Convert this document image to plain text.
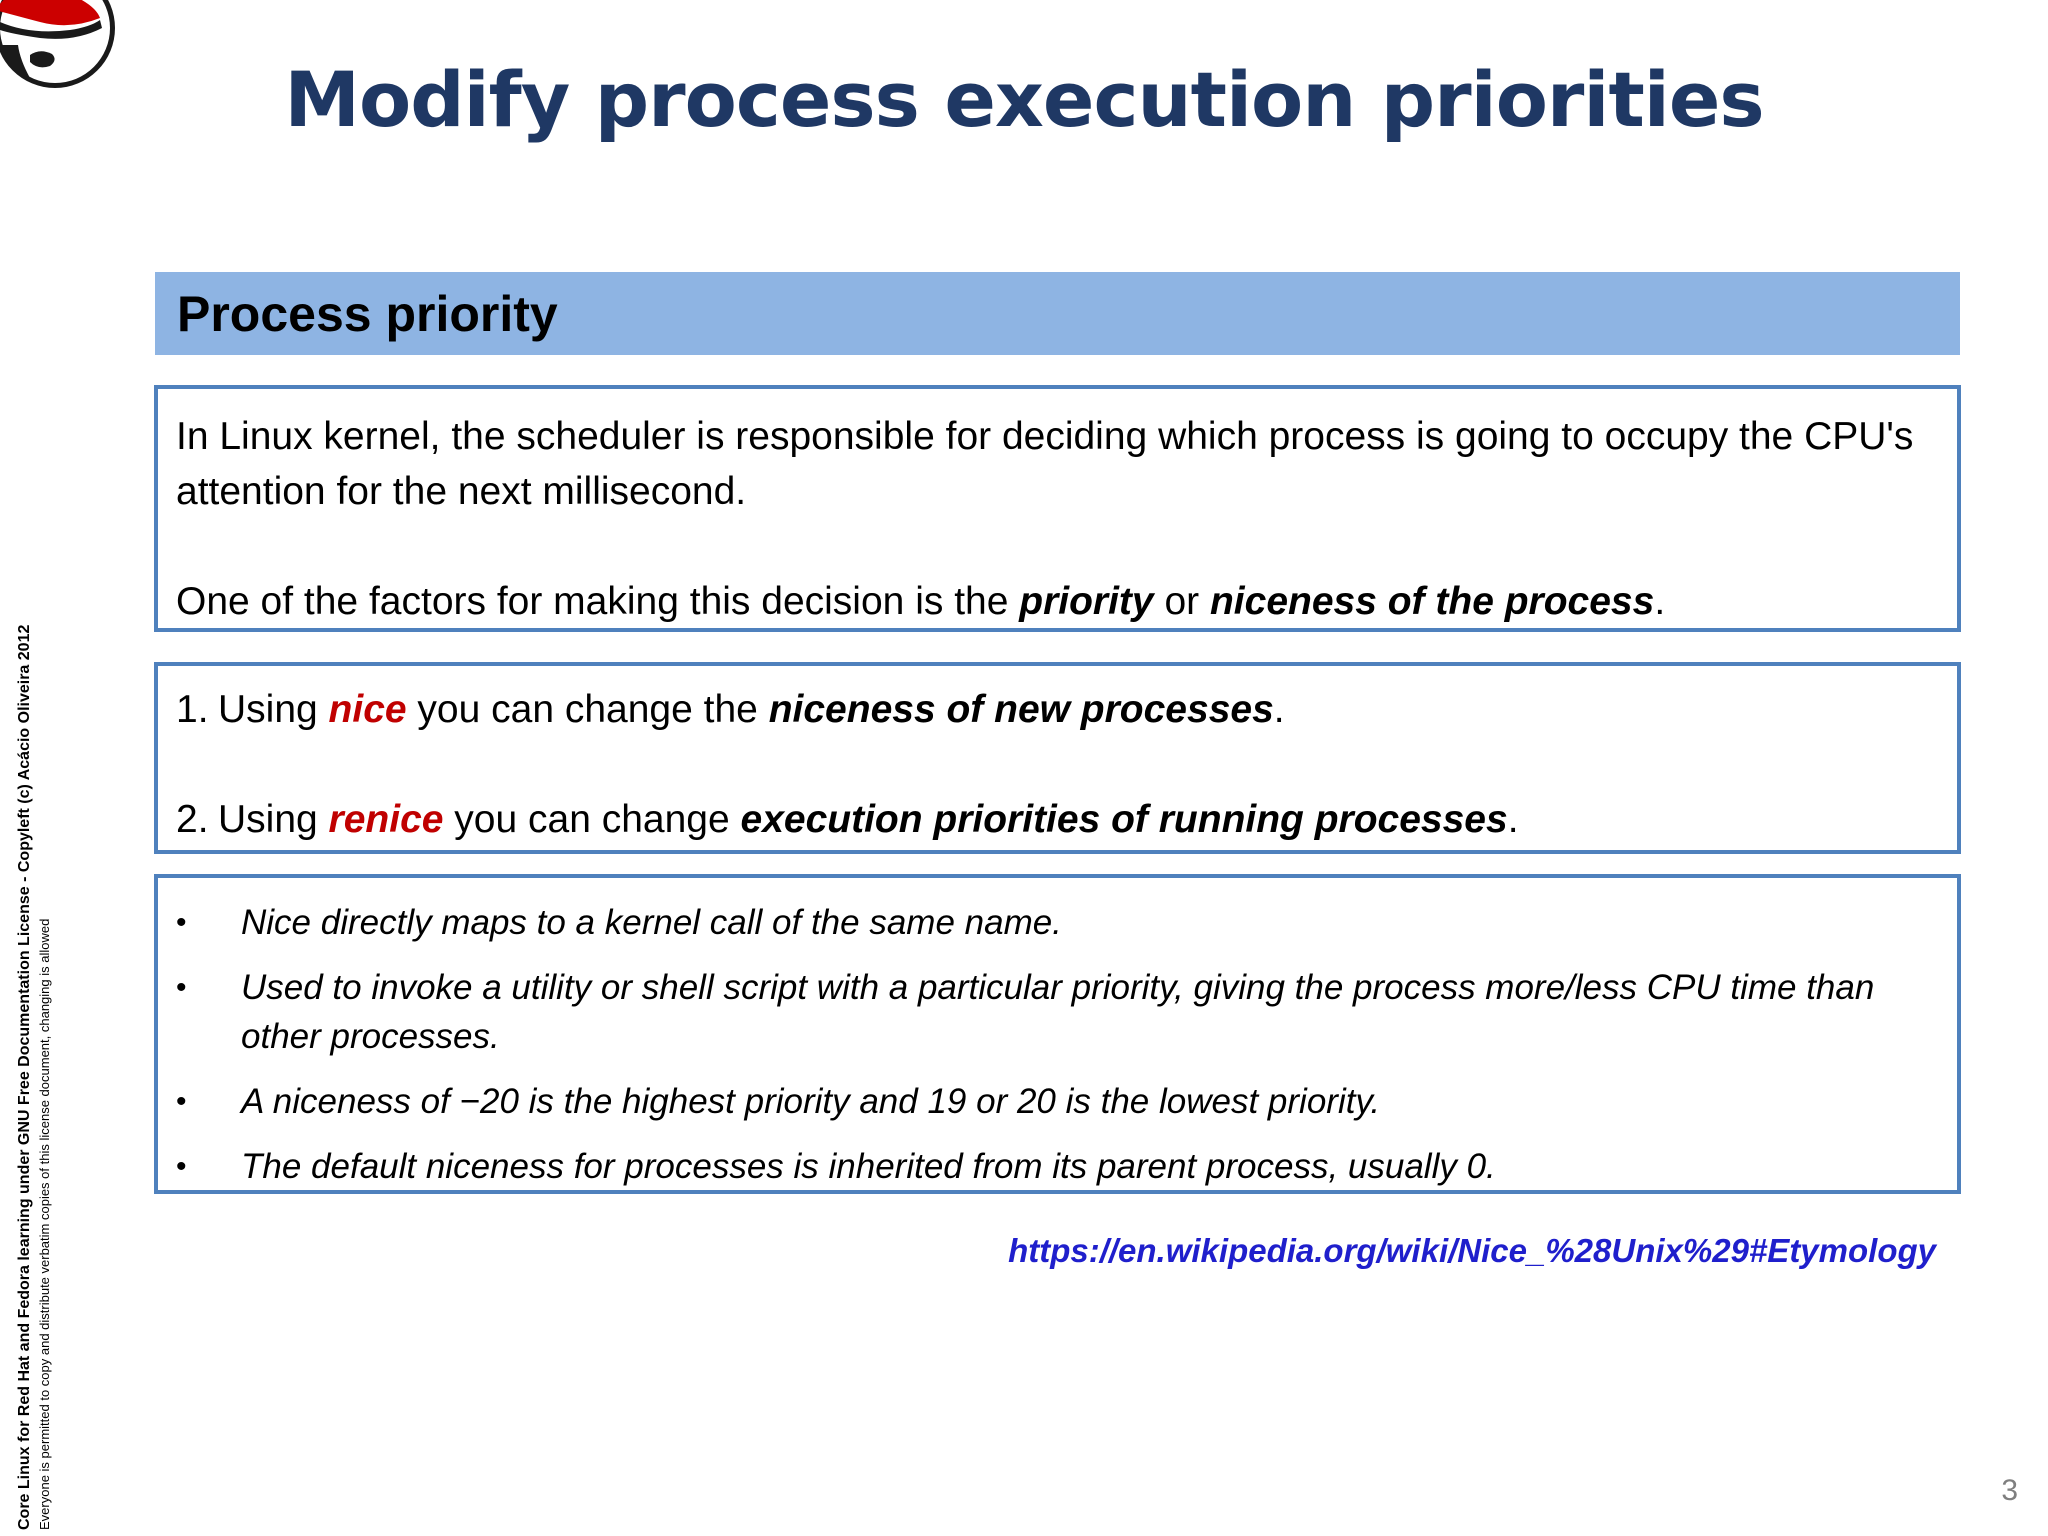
Modify process execution priorities
Process priority

In Linux kernel, the scheduler is responsible for deciding which process is going to occupy the CPU's attention for the next millisecond.

One of the factors for making this decision is the priority or niceness of the process.

1. Using nice you can change the niceness of new processes.
2. Using renice you can change execution priorities of running processes.
•	Nice directly maps to a kernel call of the same name.
•	Used to invoke a utility or shell script with a particular priority, giving the process more/less CPU time than other processes.
•	A niceness of −20 is the highest priority and 19 or 20 is the lowest priority.
•	The default niceness for processes is inherited from its parent process, usually 0.
https://en.wikipedia.org/wiki/Nice_%28Unix%29#Etymology
Core Linux for Red Hat and Fedora learning under GNU Free Documentation License - Copyleft (c) Acácio Oliveira 2012 Everyone is permitted to copy and distribute verbatim copies of this license document, changing is allowed	3
